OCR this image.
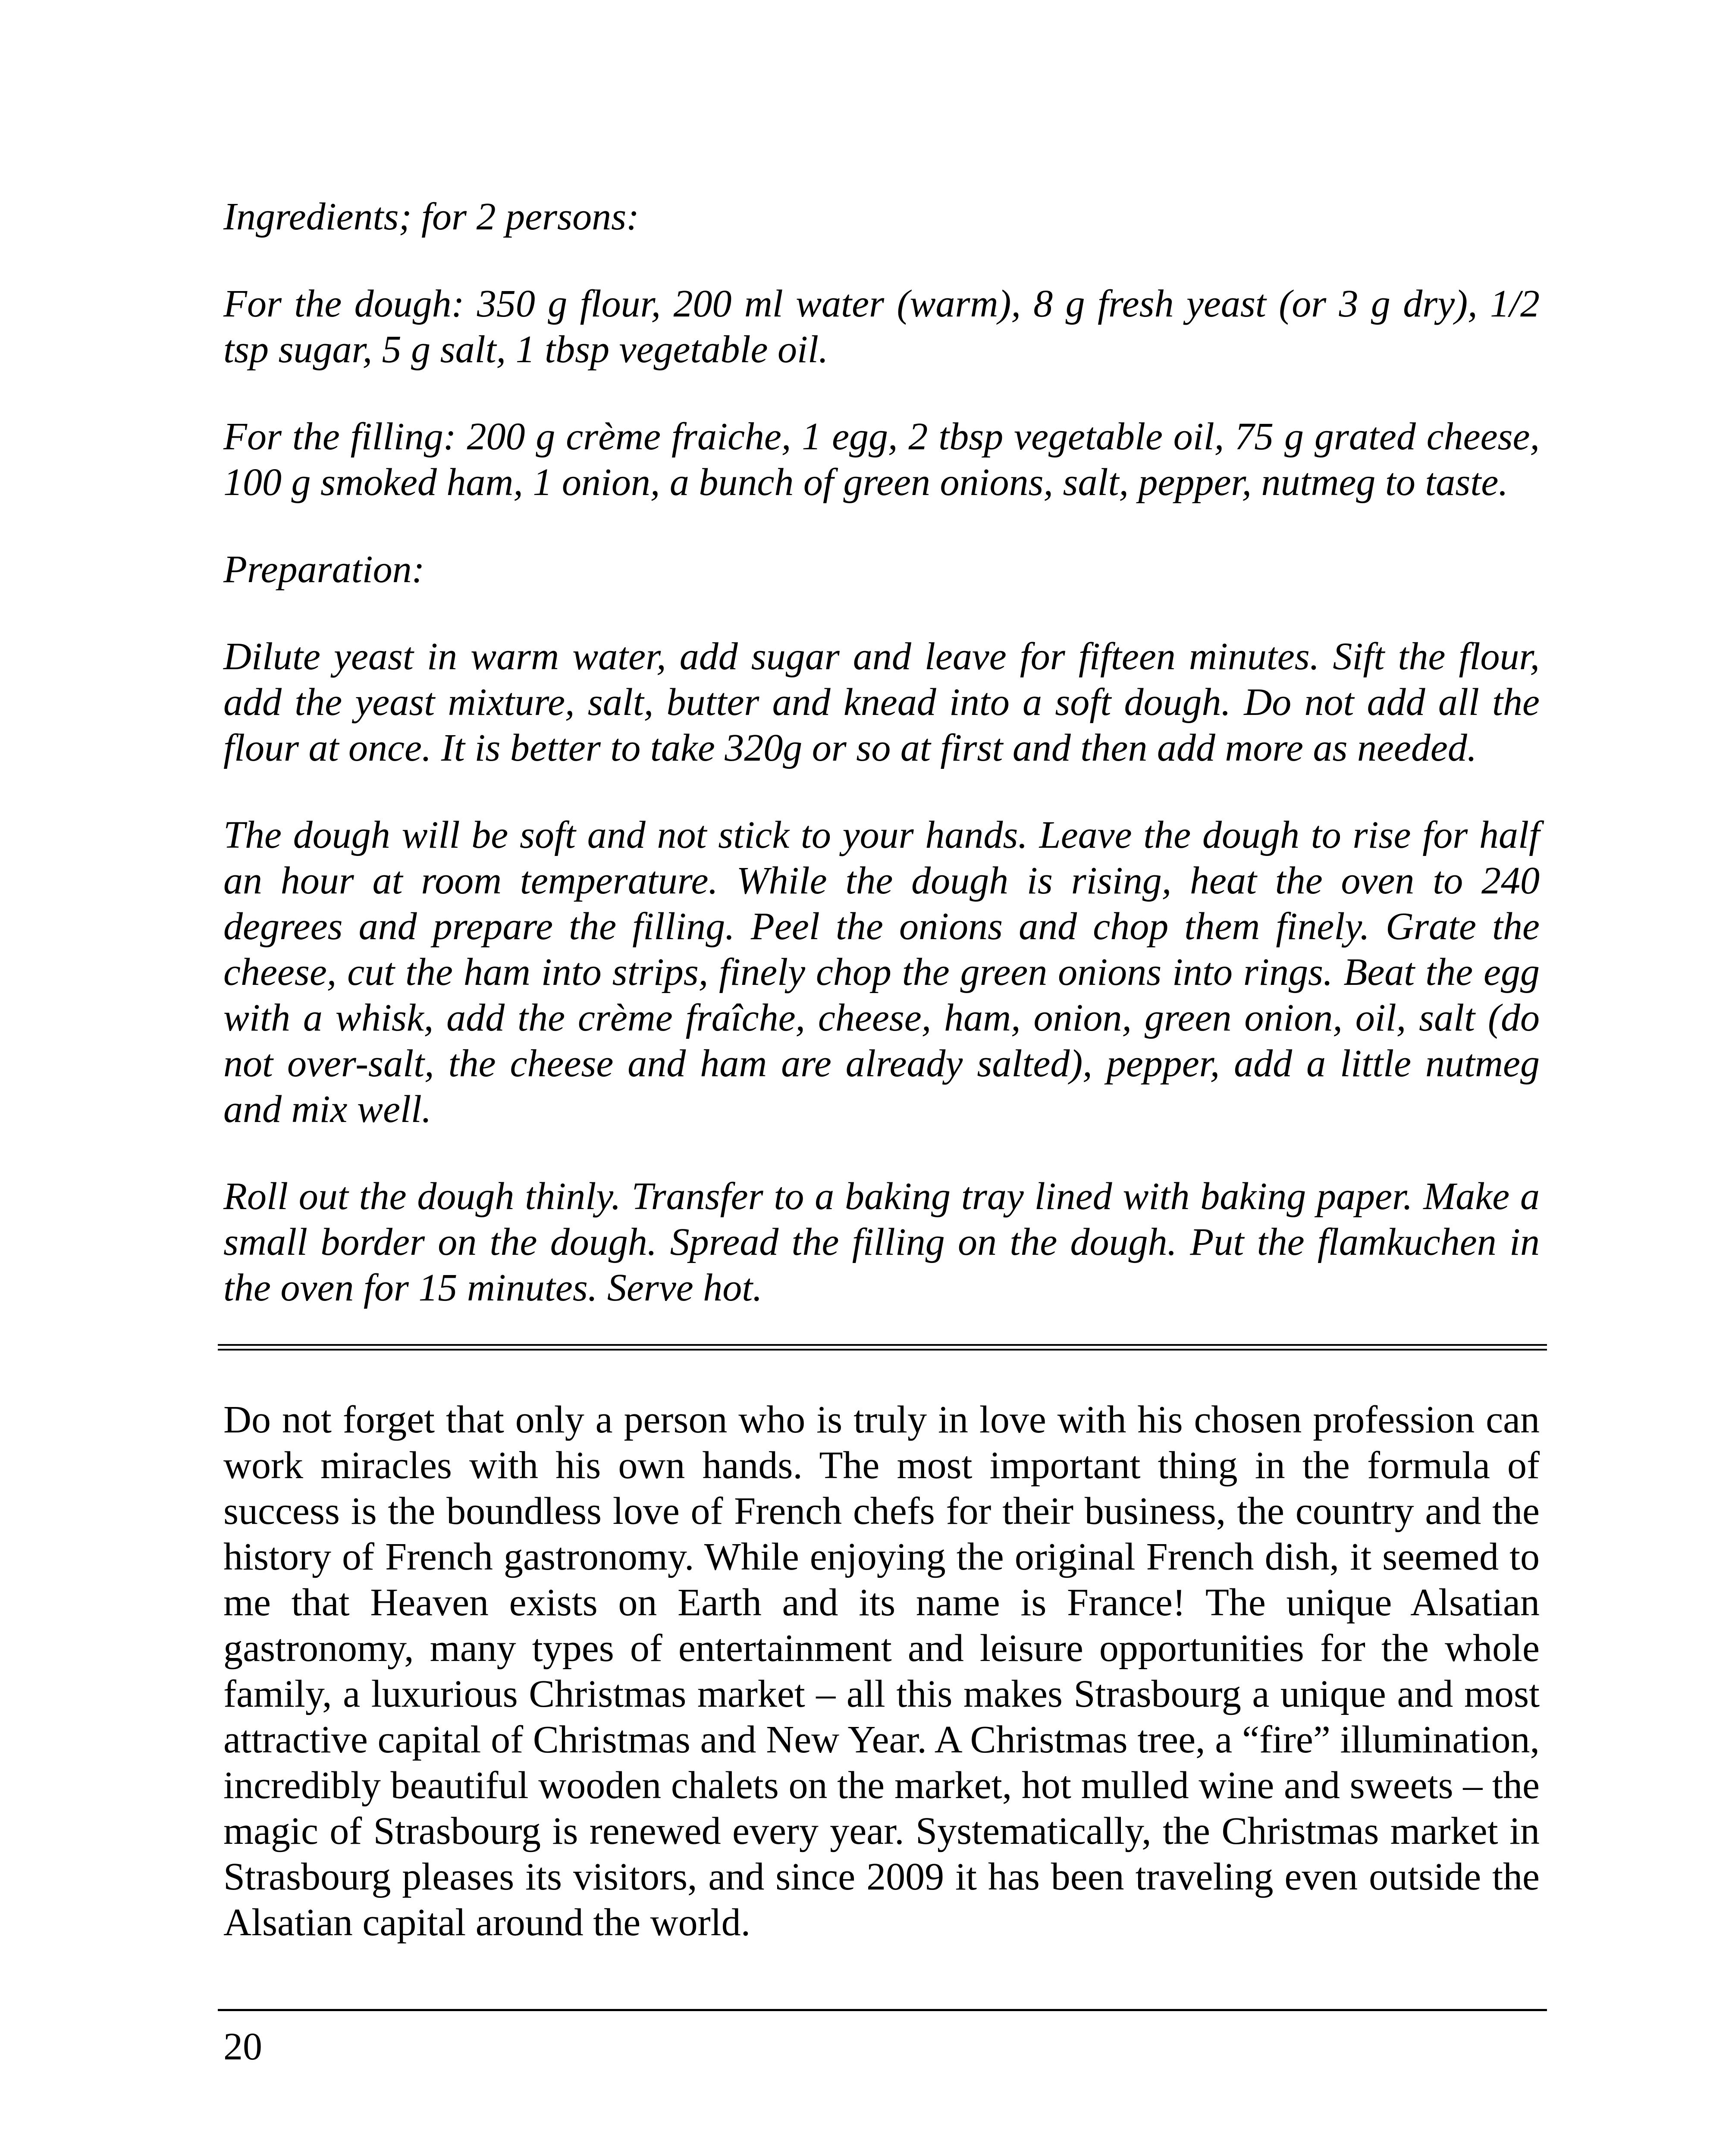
Ingredients; for 2 persons:

For the dough: 350 g flour, 200 ml water (warm), 8 g fresh yeast (or 3 g dry), 1/2 tsp sugar, 5 g salt, 1 tbsp vegetable oil.

For the filling: 200 g crème fraiche, 1 egg, 2 tbsp vegetable oil, 75 g grated cheese, 100 g smoked ham, 1 onion, a bunch of green onions, salt, pepper, nutmeg to taste.

Preparation:

Dilute yeast in warm water, add sugar and leave for fifteen minutes. Sift the flour, add the yeast mixture, salt, butter and knead into a soft dough. Do not add all the flour at once. It is better to take 320g or so at first and then add more as needed.

The dough will be soft and not stick to your hands. Leave the dough to rise for half an hour at room temperature. While the dough is rising, heat the oven to 240 degrees and prepare the filling. Peel the onions and chop them finely. Grate the cheese, cut the ham into strips, finely chop the green onions into rings. Beat the egg with a whisk, add the crème fraîche, cheese, ham, onion, green onion, oil, salt (do not over-salt, the cheese and ham are already salted), pepper, add a little nutmeg and mix well.

Roll out the dough thinly. Transfer to a baking tray lined with baking paper. Make a small border on the dough. Spread the filling on the dough. Put the flamkuchen in the oven for 15 minutes. Serve hot.

Do not forget that only a person who is truly in love with his chosen profession can work miracles with his own hands. The most important thing in the formula of success is the boundless love of French chefs for their business, the country and the history of French gastronomy. While enjoying the original French dish, it seemed to me that Heaven exists on Earth and its name is France! The unique Alsatian gastronomy, many types of entertainment and leisure opportunities for the whole family, a luxurious Christmas market – all this makes Strasbourg a unique and most attractive capital of Christmas and New Year. A Christmas tree, a “fire” illumination, incredibly beautiful wooden chalets on the market, hot mulled wine and sweets – the magic of Strasbourg is renewed every year. Systematically, the Christmas market in Strasbourg pleases its visitors, and since 2009 it has been traveling even outside the Alsatian capital around the world.

20
